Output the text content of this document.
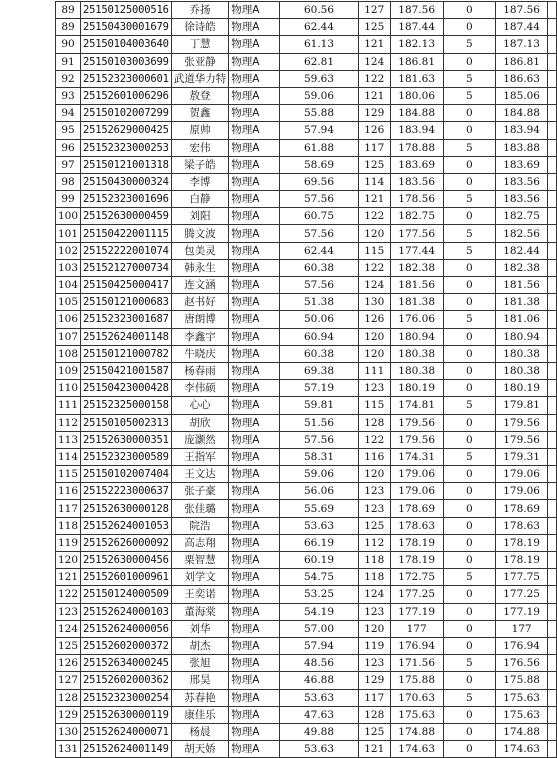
89	25150125000516	乔扬	物理A	60.56	127	187.56	0	187.56	
89	25150430001679	徐诗皓	物理A	62.44	125	187.44	0	187.44	
90	25150104003640	丁慧	物理A	61.13	121	182.13	5	187.13	
91	25150103003699	张亚静	物理A	62.81	124	186.81	0	186.81	
92	25152323000601	武道华力特	物理A	59.63	122	181.63	5	186.63	
93	25152601006296	敖登	物理A	59.06	121	180.06	5	185.06	
94	25150102007299	贺鑫	物理A	55.88	129	184.88	0	184.88	
95	25152629000425	原帅	物理A	57.94	126	183.94	0	183.94	
96	25152323000253	宏伟	物理A	61.88	117	178.88	5	183.88	
97	25150121001318	梁子皓	物理A	58.69	125	183.69	0	183.69	
98	25150430000324	李博	物理A	69.56	114	183.56	0	183.56	
99	25152323001696	白静	物理A	57.56	121	178.56	5	183.56	
100	25152630000459	刘阳	物理A	60.75	122	182.75	0	182.75	
101	25150422001115	腾文波	物理A	57.56	120	177.56	5	182.56	
102	25152222001074	包美灵	物理A	62.44	115	177.44	5	182.44	
103	25152127000734	韩永生	物理A	60.38	122	182.38	0	182.38	
104	25150425000417	连文涵	物理A	57.56	124	181.56	0	181.56	
105	25150121000683	赵书好	物理A	51.38	130	181.38	0	181.38	
106	25152323001687	唐朗博	物理A	50.06	126	176.06	5	181.06	
107	25152624001148	李鑫宇	物理A	60.94	120	180.94	0	180.94	
108	25150121000782	牛晓庆	物理A	60.38	120	180.38	0	180.38	
109	25150421001587	杨春雨	物理A	69.38	111	180.38	0	180.38	
110	25150423000428	李伟硕	物理A	57.19	123	180.19	0	180.19	
111	25152325000158	心心	物理A	59.81	115	174.81	5	179.81	
112	25150105002313	胡欣	物理A	51.56	128	179.56	0	179.56	
113	25152630000351	庞灏然	物理A	57.56	122	179.56	0	179.56	
114	25152323000589	王指军	物理A	58.31	116	174.31	5	179.31	
115	25150102007404	王文达	物理A	59.06	120	179.06	0	179.06	
116	25152223000637	张子豪	物理A	56.06	123	179.06	0	179.06	
117	25152630000128	张佳璐	物理A	55.69	123	178.69	0	178.69	
118	25152624001053	院浩	物理A	53.63	125	178.63	0	178.63	
119	25152626000092	高志翔	物理A	66.19	112	178.19	0	178.19	
120	25152630000456	栗智慧	物理A	60.19	118	178.19	0	178.19	
121	25152601000961	刘学文	物理A	54.75	118	172.75	5	177.75	
122	25150124000509	王奕诺	物理A	53.25	124	177.25	0	177.25	
123	25152624000103	董海棠	物理A	54.19	123	177.19	0	177.19	
124	25152624000056	刘华	物理A	57.00	120	177	0	177	
125	25152602000372	胡杰	物理A	57.94	119	176.94	0	176.94	
126	25152634000245	张旭	物理A	48.56	123	171.56	5	176.56	
127	25152602000362	邢昊	物理A	46.88	129	175.88	0	175.88	
128	25152323000254	苏春艳	物理A	53.63	117	170.63	5	175.63	
129	25152630000119	康佳乐	物理A	47.63	128	175.63	0	175.63	
130	25152624000071	杨晨	物理A	49.88	125	174.88	0	174.88	
131	25152624001149	胡天娇	物理A	53.63	121	174.63	0	174.63	
